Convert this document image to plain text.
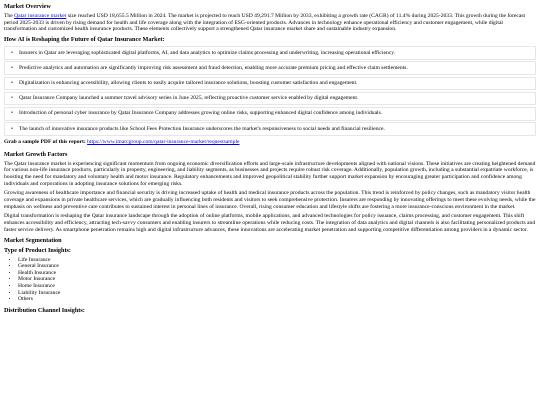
Market Overview

The Qatar insurance market size reached USD 18,655.5 Million in 2024. The market is projected to reach USD 49,291.7 Million by 2033, exhibiting a growth rate (CAGR) of 11.4% during 2025-2033. This growth during the forecast period 2025-2033 is driven by rising demand for health and life coverage along with the integration of ESG-oriented products. Advances in technology enhance operational efficiency and customer engagement, while digital transformation and customized health insurance products. These elements collectively support a strengthened Qatar insurance market share and sustainable industry expansion.

How AI is Reshaping the Future of Qatar Insurance Market:
• Insurers in Qatar are leveraging sophisticated digital platforms, AI, and data analytics to optimize claims processing and underwriting, increasing operational efficiency.
• Predictive analytics and automation are significantly improving risk assessment and fraud detection, enabling more accurate premium pricing and effective claim settlements.
• Digitalization is enhancing accessibility, allowing clients to easily acquire tailored insurance solutions, boosting customer satisfaction and engagement.
• Qatar Insurance Company launched a summer travel advisory series in June 2025, reflecting proactive customer service enabled by digital engagement.
• Introduction of personal cyber insurance by Qatar Insurance Company addresses growing online risks, supporting enhanced digital confidence among individuals.
• The launch of innovative insurance products like School Fees Protection Insurance underscores the market's responsiveness to social needs and financial resilience.

Grab a sample PDF of this report: https://www.imarcgroup.com/qatar-insurance-market/requestsample

Market Growth Factors

The Qatar insurance market is experiencing significant momentum from ongoing economic diversification efforts and large-scale infrastructure developments aligned with national visions. These initiatives are creating heightened demand for various non-life insurance products, particularly in property, engineering, and liability segments, as businesses and projects require robust risk coverage. Additionally, population growth, including a substantial expatriate workforce, is boosting the need for mandatory and voluntary health and motor insurance. Regulatory enhancements and improved geopolitical stability further support market expansion by encouraging greater participation and confidence among individuals and corporations in adopting insurance solutions for emerging risks.

Growing awareness of healthcare importance and financial security is driving increased uptake of health and medical insurance products across the population. This trend is reinforced by policy changes, such as mandatory visitor health coverage and expansions in private healthcare services, which are gradually influencing both residents and visitors to seek comprehensive protection. Insurers are responding by innovating offerings to meet these evolving needs, while the emphasis on wellness and preventive care contributes to sustained interest in personal lines of insurance. Overall, rising consumer education and lifestyle shifts are fostering a more insurance-conscious environment in the market.

Digital transformation is reshaping the Qatar insurance landscape through the adoption of online platforms, mobile applications, and advanced technologies for policy issuance, claims processing, and customer engagement. This shift enhances accessibility and efficiency, attracting tech-savvy consumers and enabling insurers to streamline operations while reducing costs. The integration of data analytics and digital channels is also facilitating personalized products and faster service delivery. As smartphone penetration remains high and digital infrastructure advances, these innovations are accelerating market penetration and supporting competitive differentiation among providers in a dynamic sector.

Market Segmentation
Type of Product Insights:
• Life Insurance
• General Insurance
• Health Insurance
• Motor Insurance
• Home Insurance
• Liability Insurance
• Others
Distribution Channel Insights:
